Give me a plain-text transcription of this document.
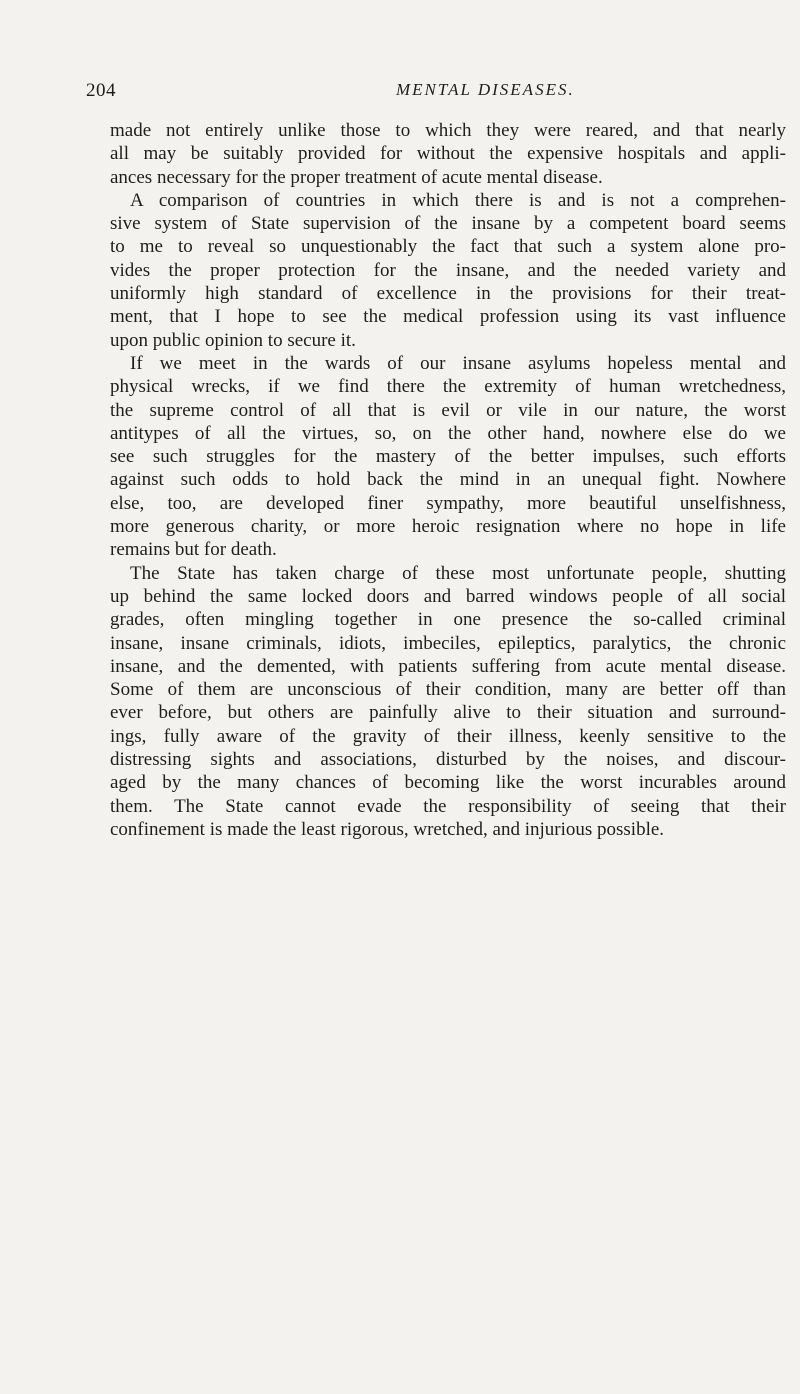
204	MENTAL DISEASES.
made not entirely unlike those to which they were reared, and that nearly
all may be suitably provided for without the expensive hospitals and appli-
ances necessary for the proper treatment of acute mental disease.
A comparison of countries in which there is and is not a comprehen-
sive system of State supervision of the insane by a competent board seems
to me to reveal so unquestionably the fact that such a system alone pro-
vides the proper protection for the insane, and the needed variety and
uniformly high standard of excellence in the provisions for their treat-
ment, that I hope to see the medical profession using its vast influence
upon public opinion to secure it.
If we meet in the wards of our insane asylums hopeless mental and
physical wrecks, if we find there the extremity of human wretchedness,
the supreme control of all that is evil or vile in our nature, the worst
antitypes of all the virtues, so, on the other hand, nowhere else do we
see such struggles for the mastery of the better impulses, such efforts
against such odds to hold back the mind in an unequal fight. Nowhere
else, too, are developed finer sympathy, more beautiful unselfishness,
more generous charity, or more heroic resignation where no hope in life
remains but for death.
The State has taken charge of these most unfortunate people, shutting
up behind the same locked doors and barred windows people of all social
grades, often mingling together in one presence the so-called criminal
insane, insane criminals, idiots, imbeciles, epileptics, paralytics, the chronic
insane, and the demented, with patients suffering from acute mental disease.
Some of them are unconscious of their condition, many are better off than
ever before, but others are painfully alive to their situation and surround-
ings, fully aware of the gravity of their illness, keenly sensitive to the
distressing sights and associations, disturbed by the noises, and discour-
aged by the many chances of becoming like the worst incurables around
them. The State cannot evade the responsibility of seeing that their
confinement is made the least rigorous, wretched, and injurious possible.
